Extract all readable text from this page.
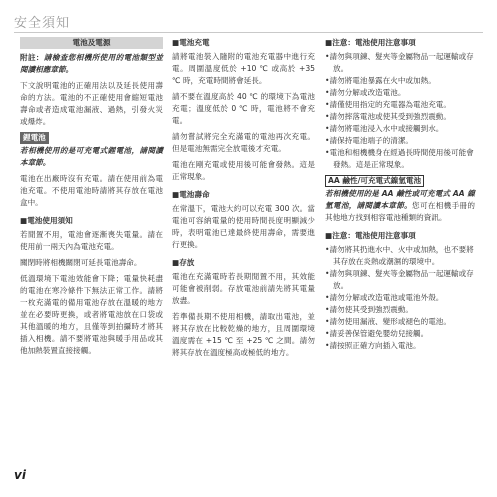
安全須知
電池及電源

附註：請檢查您相機所使用的電池類型並閱讀相應章節。

下文說明電池的正確用法以及延長使用壽命的方法。電池的不正確使用會縮短電池壽命或者造成電池漏液、過熱，引發火災或爆炸。

鋰電池

若相機使用的是可充電式鋰電池，請閱讀本章節。

電池在出廠時沒有充電。請在使用前為電池充電。不使用電池時請將其存放在電池盒中。

■ 電池使用須知

若閒置不用，電池會逐漸喪失電量。請在使用前一兩天內為電池充電。

關閉時將相機關閉可延長電池壽命。

低溫環境下電池效能會下降；電量快耗盡的電池在寒冷條件下無法正常工作。請將一枚充滿電的備用電池存放在溫暖的地方並在必要時更換，或者將電池放在口袋或其他溫暖的地方，且僅等到拍攝時才將其插入相機。請不要將電池與暖手用品或其他加熱裝置直接接觸。

■ 電池充電

請將電池裝入隨附的電池充電器中進行充電。周圍溫度低於 +10 ℃ 或高於 +35 ℃ 時，充電時間將會延長。

請不要在溫度高於 40 ℃ 的環境下為電池充電；溫度低於 0 ℃ 時，電池將不會充電。

請勿嘗試將完全充滿電的電池再次充電。但是電池無需完全放電後才充電。

電池在剛充電或使用後可能會發熱。這是正常現象。

■ 電池壽命

在常溫下，電池大約可以充電 300 次。當電池可容納電量的使用時間長度明顯減少時，表明電池已達最終使用壽命，需要進行更換。

■ 存放

電池在充滿電時若長期閒置不用，其效能可能會被削弱。存放電池前請先將其電量放盡。

若準備長期不使用相機，請取出電池，並將其存放在比較乾燥的地方，且周圍環境溫度需在 +15 ℃ 至 +25 ℃ 之間。請勿將其存放在溫度極高或極低的地方。

■ 注意：電池使用注意事項
• 請勿與項鍊、髮夾等金屬物品一起運輸或存放。
• 請勿將電池暴露在火中或加熱。
• 請勿分解或改造電池。
• 請僅使用指定的充電器為電池充電。
• 請勿摔落電池或使其受到強烈震動。
• 請勿將電池浸入水中或接觸到水。
• 請保持電池端子的清潔。
• 電池和相機機身在經過長時間使用後可能會發熱。這是正常現象。

AA 鹼性/可充電式鎳氫電池

若相機使用的是 AA 鹼性或可充電式 AA 鎳氫電池，請閱讀本章節。您可在相機手冊的其他地方找到相容電池種類的資訊。

■ 注意：電池使用注意事項
• 請勿將其扔進水中、火中或加熱，也不要將其存放在炎熱或潮濕的環境中。
• 請勿與項鍊、髮夾等金屬物品一起運輸或存放。
• 請勿分解或改造電池或電池外殼。
• 請勿使其受到強烈震動。
• 請勿使用漏液、變形或褪色的電池。
• 請妥善保管避免嬰幼兒接觸。
• 請按照正確方向插入電池。
vi
